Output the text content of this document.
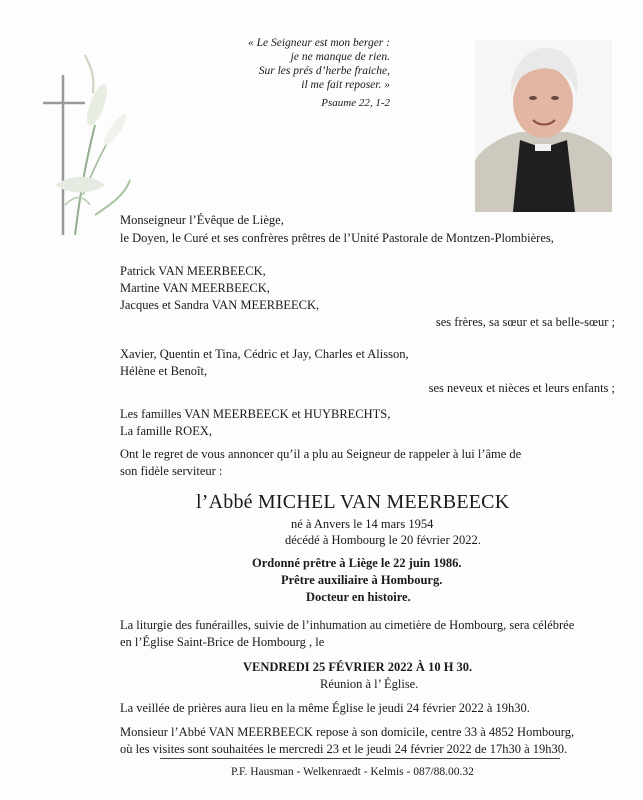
« Le Seigneur est mon berger :
je ne manque de rien.
Sur les prés d’herbe fraiche,
il me fait reposer. »
Psaume 22, 1-2
Monseigneur l’Évêque de Liège,
le Doyen, le Curé et ses confrères prêtres de l’Unité Pastorale de Montzen-Plombières,
Patrick VAN MEERBEECK,
Martine VAN MEERBEECK,
Jacques et Sandra VAN MEERBEECK,
ses frères, sa sœur et sa belle-sœur ;
Xavier, Quentin et Tina, Cédric et Jay, Charles et Alisson,
Hélène et Benoît,
ses neveux et nièces et leurs enfants ;
Les familles VAN MEERBEECK et HUYBRECHTS,
La famille ROEX,
Ont le regret de vous annoncer qu’il a plu au Seigneur de rappeler à lui l’âme de
son fidèle serviteur :
l’Abbé MICHEL VAN MEERBEECK
né à Anvers le 14 mars 1954
décédé à Hombourg le 20 février 2022.
Ordonné prêtre à Liège le 22 juin 1986.
Prêtre auxiliaire à Hombourg.
Docteur en histoire.
La liturgie des funérailles, suivie de l’inhumation au cimetière de Hombourg, sera célébrée
en l’Église Saint-Brice de Hombourg , le
VENDREDI 25 FÉVRIER 2022 À 10 H 30.
Réunion à l’ Église.
La veillée de prières aura lieu en la même Église le jeudi 24 février 2022 à 19h30.
Monsieur l’Abbé VAN MEERBEECK repose à son domicile, centre 33 à 4852 Hombourg,
où les visites sont souhaitées le mercredi 23 et le jeudi 24 février 2022 de 17h30 à 19h30.
P.F. Hausman - Welkenraedt - Kelmis - 087/88.00.32
